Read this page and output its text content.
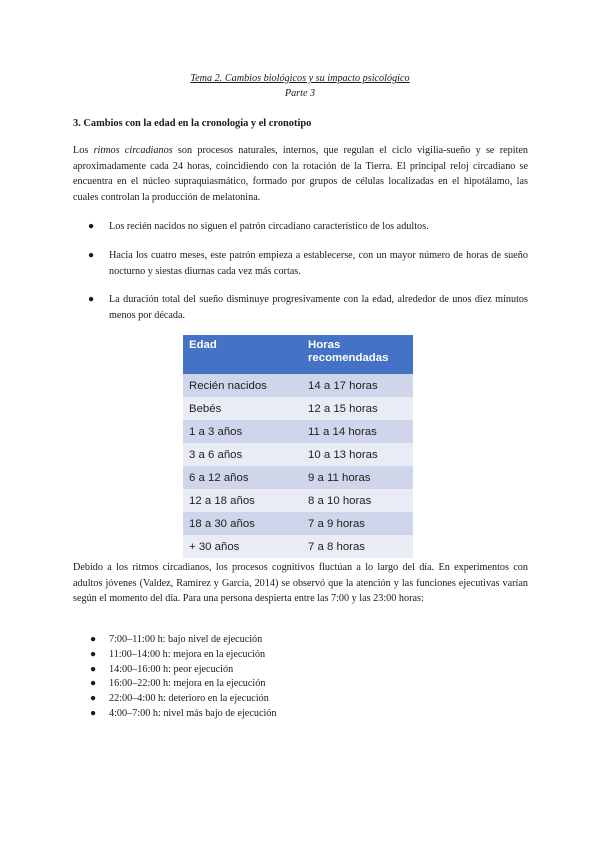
Tema 2. Cambios biológicos y su impacto psicológico
Parte 3
3. Cambios con la edad en la cronología y el cronotipo
Los ritmos circadianos son procesos naturales, internos, que regulan el ciclo vigilia-sueño y se repiten aproximadamente cada 24 horas, coincidiendo con la rotación de la Tierra. El principal reloj circadiano se encuentra en el núcleo supraquiasmático, formado por grupos de células localizadas en el hipotálamo, las cuales controlan la producción de melatonina.
● Los recién nacidos no siguen el patrón circadiano característico de los adultos.
● Hacia los cuatro meses, este patrón empieza a establecerse, con un mayor número de horas de sueño nocturno y siestas diurnas cada vez más cortas.
● La duración total del sueño disminuye progresivamente con la edad, alrededor de unos diez minutos menos por década.
Edad	Horas recomendadas
Recién nacidos	14 a 17 horas
Bebés	12 a 15 horas
1 a 3 años	11 a 14 horas
3 a 6 años	10 a 13 horas
6 a 12 años	9 a 11 horas
12 a 18 años	8 a 10 horas
18 a 30 años	7 a 9 horas
+ 30 años	7 a 8 horas
Debido a los ritmos circadianos, los procesos cognitivos fluctúan a lo largo del día. En experimentos con adultos jóvenes (Valdez, Ramírez y García, 2014) se observó que la atención y las funciones ejecutivas varían según el momento del día. Para una persona despierta entre las 7:00 y las 23:00 horas:
● 7:00–11:00 h: bajo nivel de ejecución
● 11:00–14:00 h: mejora en la ejecución
● 14:00–16:00 h: peor ejecución
● 16:00–22:00 h: mejora en la ejecución
● 22:00–4:00 h: deterioro en la ejecución
● 4:00–7:00 h: nivel más bajo de ejecución
